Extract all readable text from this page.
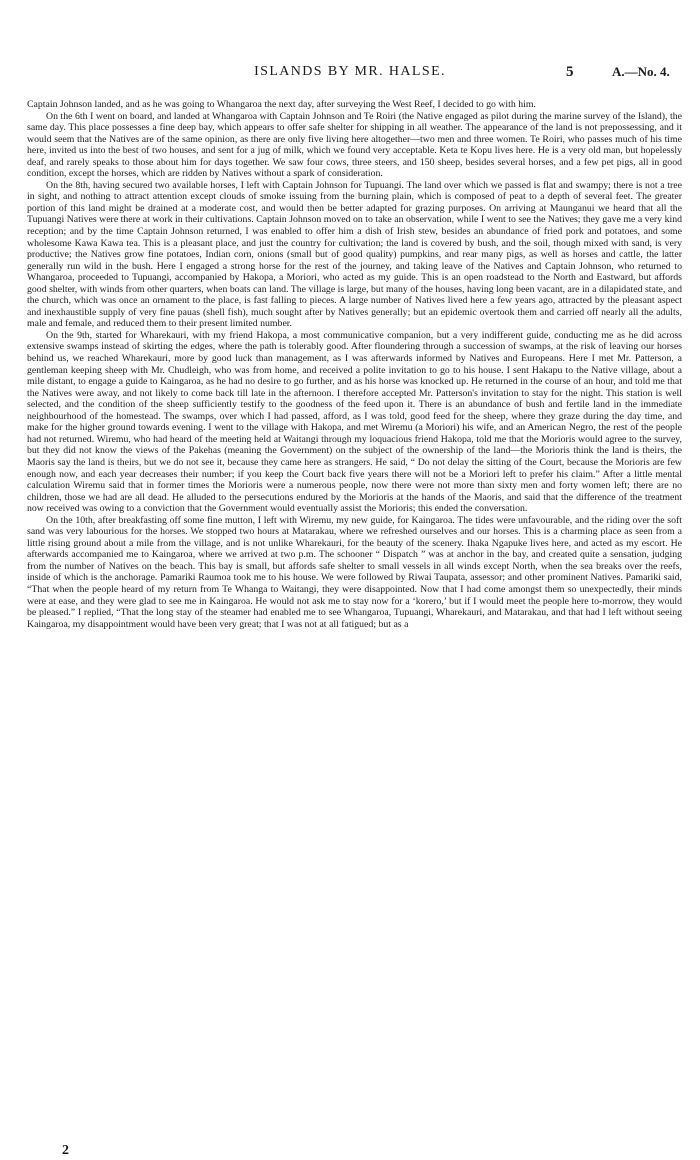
ISLANDS BY MR. HALSE.	5	A.—No. 4.

Captain Johnson landed, and as he was going to Whangaroa the next day, after surveying the West Reef, I decided to go with him.

On the 6th I went on board, and landed at Whangaroa with Captain Johnson and Te Roiri (the Native engaged as pilot during the marine survey of the Island), the same day. This place possesses a fine deep bay, which appears to offer safe shelter for shipping in all weather. The appearance of the land is not prepossessing, and it would seem that the Natives are of the same opinion, as there are only five living here altogether—two men and three women. Te Roiri, who passes much of his time here, invited us into the best of two houses, and sent for a jug of milk, which we found very acceptable. Keta te Kopu lives here. He is a very old man, but hopelessly deaf, and rarely speaks to those about him for days together. We saw four cows, three steers, and 150 sheep, besides several horses, and a few pet pigs, all in good condition, except the horses, which are ridden by Natives without a spark of consideration.

On the 8th, having secured two available horses, I left with Captain Johnson for Tupuangi. The land over which we passed is flat and swampy; there is not a tree in sight, and nothing to attract attention except clouds of smoke issuing from the burning plain, which is composed of peat to a depth of several feet. The greater portion of this land might be drained at a moderate cost, and would then be better adapted for grazing purposes. On arriving at Maunganui we heard that all the Tupuangi Natives were there at work in their cultivations. Captain Johnson moved on to take an observation, while I went to see the Natives; they gave me a very kind reception; and by the time Captain Johnson returned, I was enabled to offer him a dish of Irish stew, besides an abundance of fried pork and potatoes, and some wholesome Kawa Kawa tea. This is a pleasant place, and just the country for cultivation; the land is covered by bush, and the soil, though mixed with sand, is very productive; the Natives grow fine potatoes, Indian corn, onions (small but of good quality) pumpkins, and rear many pigs, as well as horses and cattle, the latter generally run wild in the bush. Here I engaged a strong horse for the rest of the journey, and taking leave of the Natives and Captain Johnson, who returned to Whangaroa, proceeded to Tupuangi, accompanied by Hakopa, a Moriori, who acted as my guide. This is an open roadstead to the North and Eastward, but affords good shelter, with winds from other quarters, when boats can land. The village is large, but many of the houses, having long been vacant, are in a dilapidated state, and the church, which was once an ornament to the place, is fast falling to pieces. A large number of Natives lived here a few years ago, attracted by the pleasant aspect and inexhaustible supply of very fine pauas (shell fish), much sought after by Natives generally; but an epidemic overtook them and carried off nearly all the adults, male and female, and reduced them to their present limited number.

On the 9th, started for Wharekauri, with my friend Hakopa, a most communicative companion, but a very indifferent guide, conducting me as he did across extensive swamps instead of skirting the edges, where the path is tolerably good. After floundering through a succession of swamps, at the risk of leaving our horses behind us, we reached Wharekauri, more by good luck than management, as I was afterwards informed by Natives and Europeans. Here I met Mr. Patterson, a gentleman keeping sheep with Mr. Chudleigh, who was from home, and received a polite invitation to go to his house. I sent Hakapu to the Native village, about a mile distant, to engage a guide to Kaingaroa, as he had no desire to go further, and as his horse was knocked up. He returned in the course of an hour, and told me that the Natives were away, and not likely to come back till late in the afternoon. I therefore accepted Mr. Patterson's invitation to stay for the night. This station is well selected, and the condition of the sheep sufficiently testify to the goodness of the feed upon it. There is an abundance of bush and fertile land in the immediate neighbourhood of the homestead. The swamps, over which I had passed, afford, as I was told, good feed for the sheep, where they graze during the day time, and make for the higher ground towards evening. I went to the village with Hakopa, and met Wiremu (a Moriori) his wife, and an American Negro, the rest of the people had not returned. Wiremu, who had heard of the meeting held at Waitangi through my loquacious friend Hakopa, told me that the Morioris would agree to the survey, but they did not know the views of the Pakehas (meaning the Government) on the subject of the ownership of the land—the Morioris think the land is theirs, the Maoris say the land is theirs, but we do not see it, because they came here as strangers. He said, “ Do not delay the sitting of the Court, because the Morioris are few enough now, and each year decreases their number; if you keep the Court back five years there will not be a Moriori left to prefer his claim.” After a little mental calculation Wiremu said that in former times the Morioris were a numerous people, now there were not more than sixty men and forty women left; there are no children, those we had are all dead. He alluded to the persecutions endured by the Morioris at the hands of the Maoris, and said that the difference of the treatment now received was owing to a conviction that the Government would eventually assist the Morioris; this ended the conversation.

On the 10th, after breakfasting off some fine mutton, I left with Wiremu, my new guide, for Kaingaroa. The tides were unfavourable, and the riding over the soft sand was very labourious for the horses. We stopped two hours at Matarakau, where we refreshed ourselves and our horses. This is a charming place as seen from a little rising ground about a mile from the village, and is not unlike Wharekauri, for the beauty of the scenery. Ihaka Ngapuke lives here, and acted as my escort. He afterwards accompanied me to Kaingaroa, where we arrived at two p.m. The schooner “ Dispatch ” was at anchor in the bay, and created quite a sensation, judging from the number of Natives on the beach. This bay is small, but affords safe shelter to small vessels in all winds except North, when the sea breaks over the reefs, inside of which is the anchorage. Pamariki Raumoa took me to his house. We were followed by Riwai Taupata, assessor; and other prominent Natives. Pamariki said, “That when the people heard of my return from Te Whanga to Waitangi, they were disappointed. Now that I had come amongst them so unexpectedly, their minds were at ease, and they were glad to see me in Kaingaroa. He would not ask me to stay now for a ‘korero,’ but if I would meet the people here to-morrow, they would be pleased.” I replied, “That the long stay of the steamer had enabled me to see Whangaroa, Tupuangi, Wharekauri, and Matarakau, and that had I left without seeing Kaingaroa, my disappointment would have been very great; that I was not at all fatigued; but as a

2
